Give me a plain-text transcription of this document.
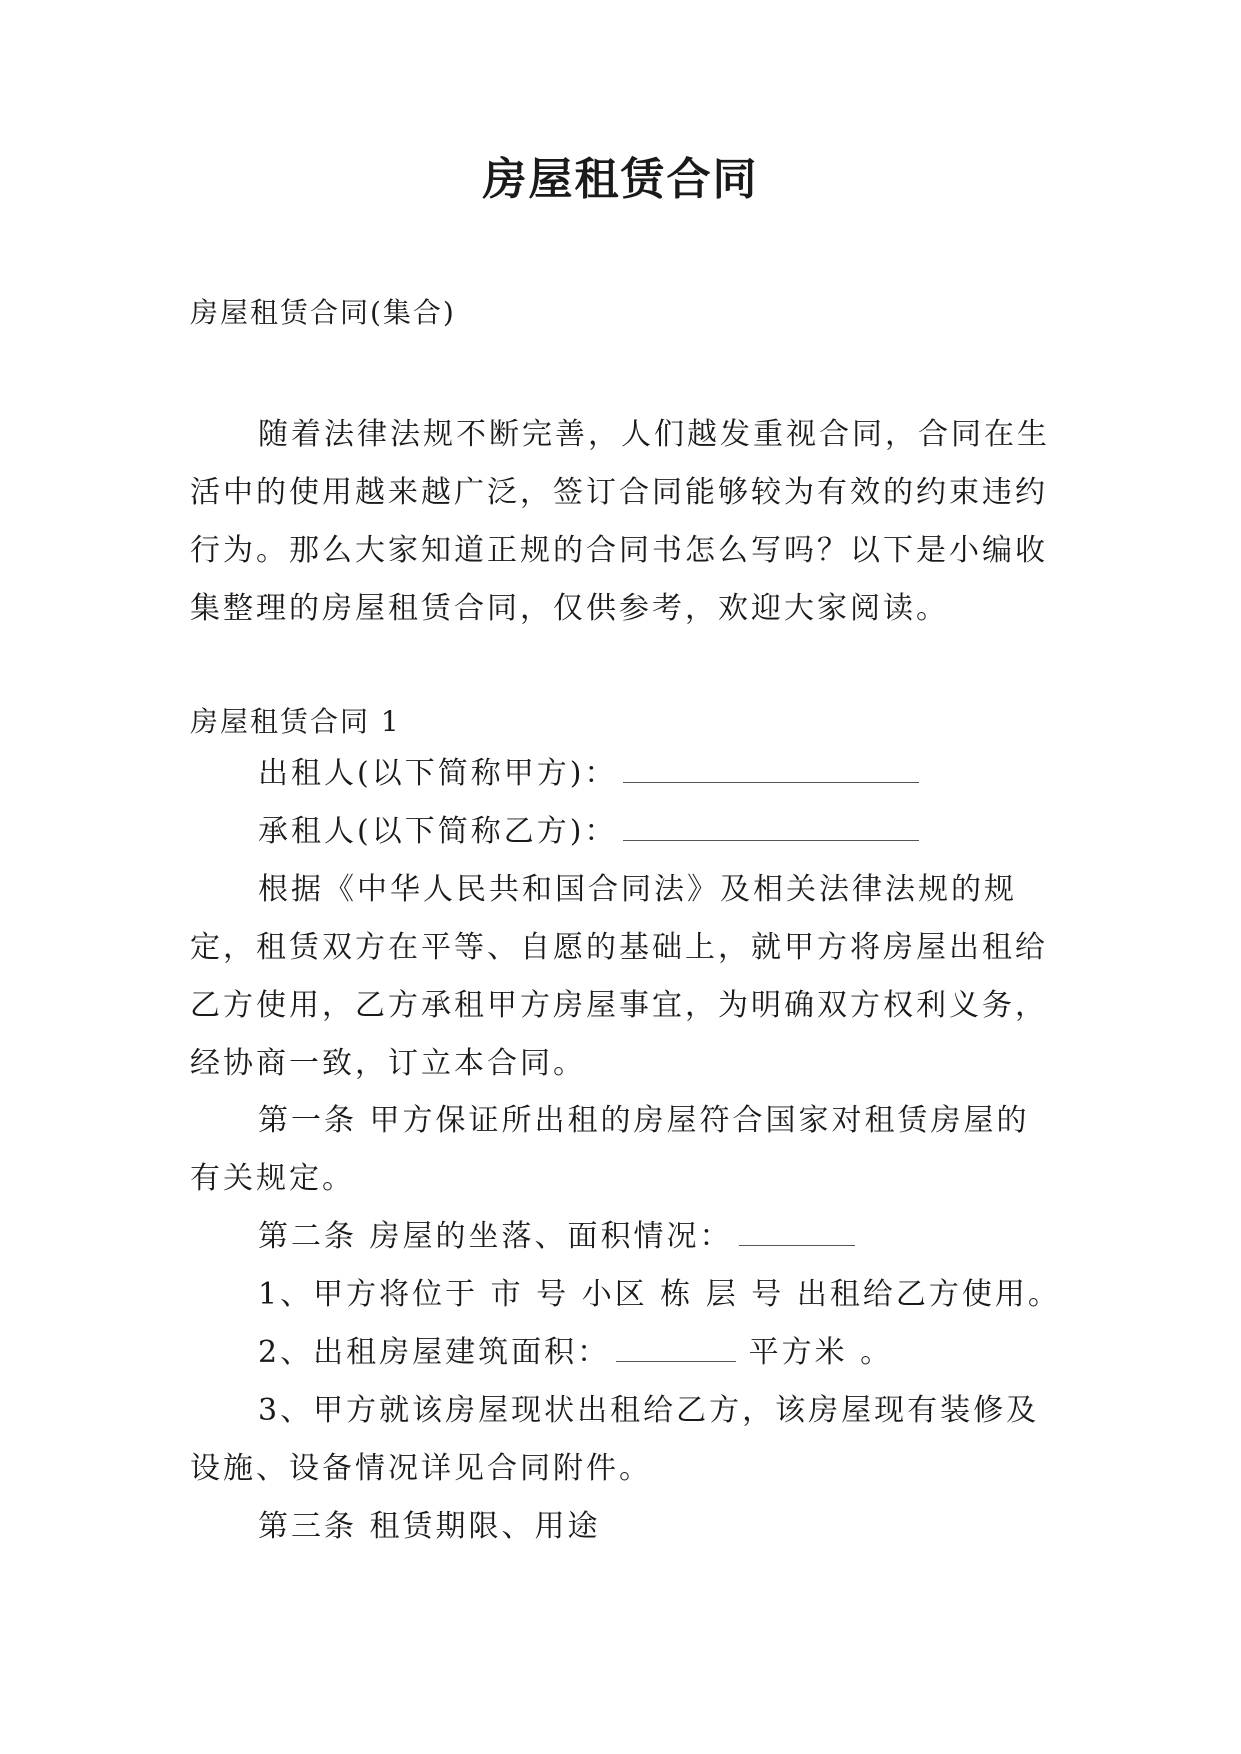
房屋租赁合同
房屋租赁合同(集合)
随着法律法规不断完善，人们越发重视合同，合同在生活中的使用越来越广泛，签订合同能够较为有效的约束违约行为。那么大家知道正规的合同书怎么写吗？以下是小编收集整理的房屋租赁合同，仅供参考，欢迎大家阅读。
房屋租赁合同 1
出租人(以下简称甲方)：
承租人(以下简称乙方)：
根据《中华人民共和国合同法》及相关法律法规的规定，租赁双方在平等、自愿的基础上，就甲方将房屋出租给乙方使用，乙方承租甲方房屋事宜，为明确双方权利义务，经协商一致，订立本合同。
第一条 甲方保证所出租的房屋符合国家对租赁房屋的有关规定。
第二条 房屋的坐落、面积情况：
1、甲方将位于 市 号 小区 栋 层 号 出租给乙方使用。
2、出租房屋建筑面积：	平方米 。
3、甲方就该房屋现状出租给乙方，该房屋现有装修及设施、设备情况详见合同附件。
第三条 租赁期限、用途
